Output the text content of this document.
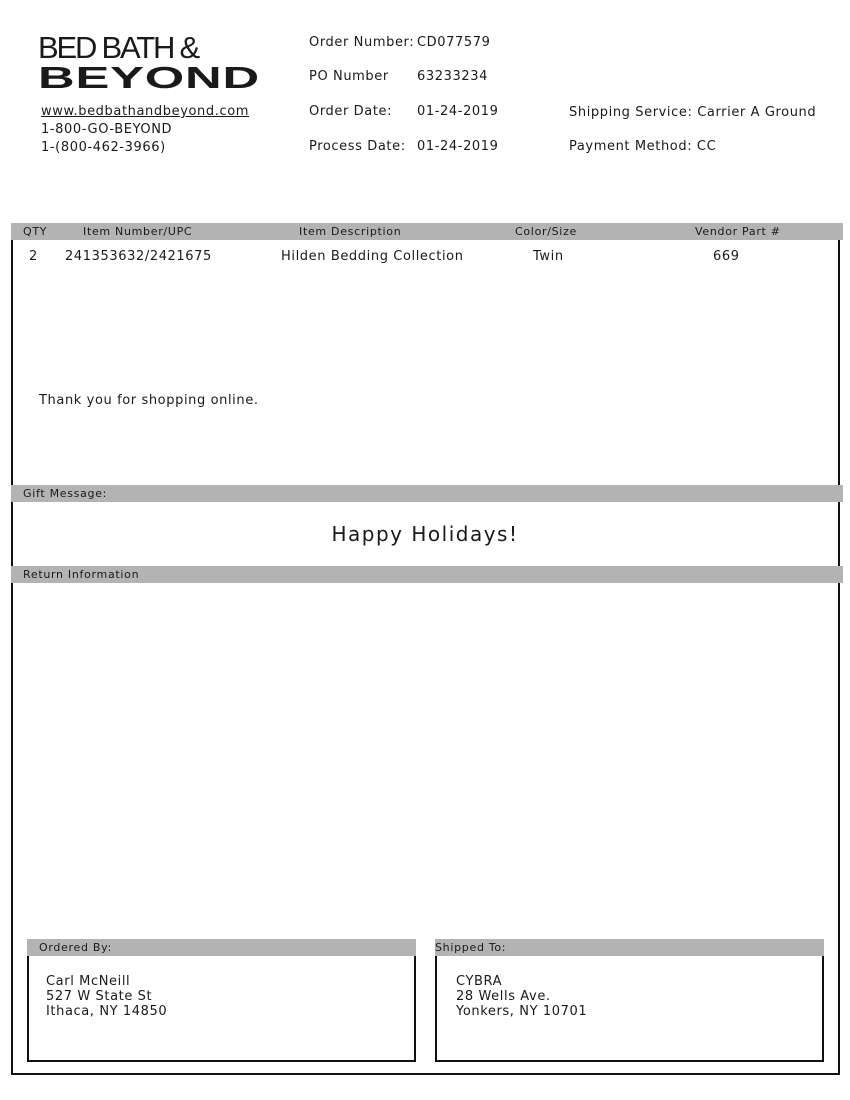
BED BATH &
BEYOND
www.bedbathandbeyond.com
1-800-GO-BEYOND
1-(800-462-3966)
Order Number: CD077579
PO Number 63233234
Order Date: 01-24-2019
Process Date: 01-24-2019
Shipping Service: Carrier A Ground
Payment Method: CC
QTY	Item Number/UPC	Item Description	Color/Size	Vendor Part #
2 241353632/2421675	Hilden Bedding Collection	Twin	669
Thank you for shopping online.
Gift Message:
Happy Holidays!
Return Information
Ordered By:
Carl McNeill
527 W State St
Ithaca, NY 14850
Shipped To:
CYBRA
28 Wells Ave.
Yonkers, NY 10701
